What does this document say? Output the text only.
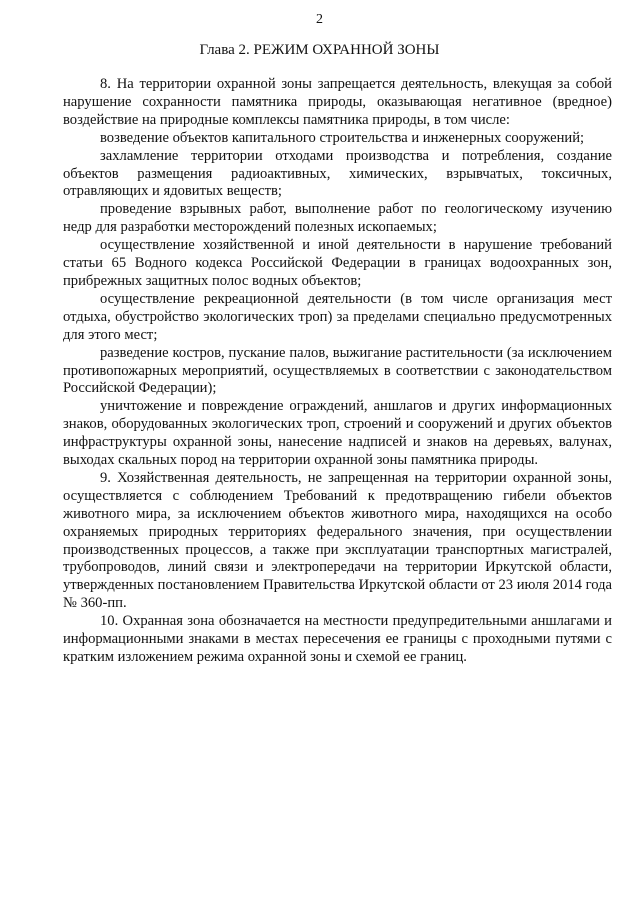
2
Глава 2. РЕЖИМ ОХРАННОЙ ЗОНЫ

8. На территории охранной зоны запрещается деятельность, влекущая за собой нарушение сохранности памятника природы, оказывающая негативное (вредное) воздействие на природные комплексы памятника природы, в том числе:

возведение объектов капитального строительства и инженерных сооружений;

захламление территории отходами производства и потребления, создание объектов размещения радиоактивных, химических, взрывчатых, токсичных, отравляющих и ядовитых веществ;

проведение взрывных работ, выполнение работ по геологическому изучению недр для разработки месторождений полезных ископаемых;

осуществление хозяйственной и иной деятельности в нарушение требований статьи 65 Водного кодекса Российской Федерации в границах водоохранных зон, прибрежных защитных полос водных объектов;

осуществление рекреационной деятельности (в том числе организация мест отдыха, обустройство экологических троп) за пределами специально предусмотренных для этого мест;

разведение костров, пускание палов, выжигание растительности (за исключением противопожарных мероприятий, осуществляемых в соответствии с законодательством Российской Федерации);

уничтожение и повреждение ограждений, аншлагов и других информационных знаков, оборудованных экологических троп, строений и сооружений и других объектов инфраструктуры охранной зоны, нанесение надписей и знаков на деревьях, валунах, выходах скальных пород на территории охранной зоны памятника природы.

9. Хозяйственная деятельность, не запрещенная на территории охранной зоны, осуществляется с соблюдением Требований к предотвращению гибели объектов животного мира, за исключением объектов животного мира, находящихся на особо охраняемых природных территориях федерального значения, при осуществлении производственных процессов, а также при эксплуатации транспортных магистралей, трубопроводов, линий связи и электропередачи на территории Иркутской области, утвержденных постановлением Правительства Иркутской области от 23 июля 2014 года № 360-пп.

10. Охранная зона обозначается на местности предупредительными аншлагами и информационными знаками в местах пересечения ее границы с проходными путями с кратким изложением режима охранной зоны и схемой ее границ.
